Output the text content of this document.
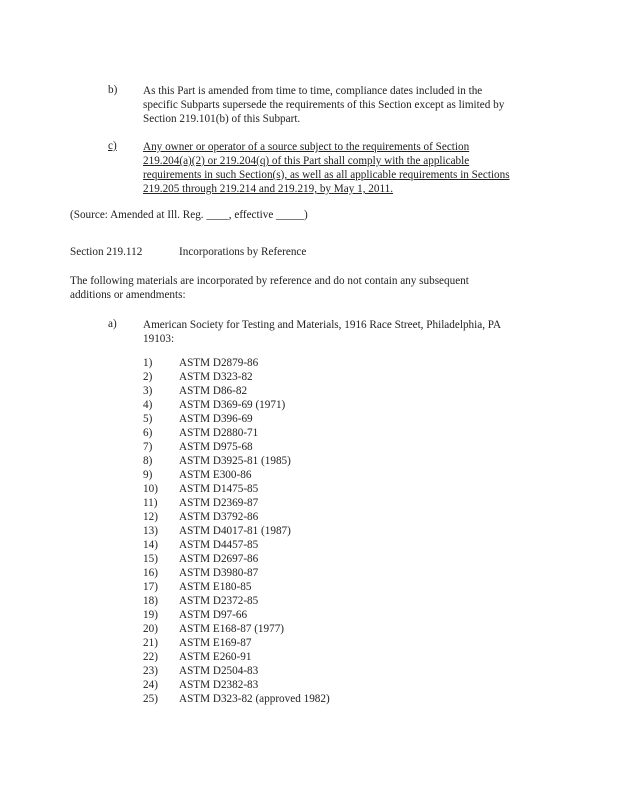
b) As this Part is amended from time to time, compliance dates included in the
specific Subparts supersede the requirements of this Section except as limited by
Section 219.101(b) of this Subpart.
c) Any owner or operator of a source subject to the requirements of Section
219.204(a)(2) or 219.204(q) of this Part shall comply with the applicable
requirements in such Section(s), as well as all applicable requirements in Sections
219.205 through 219.214 and 219.219, by May 1, 2011.
(Source: Amended at Ill. Reg. ____, effective _____)
Section 219.112	Incorporations by Reference
The following materials are incorporated by reference and do not contain any subsequent
additions or amendments:
a) American Society for Testing and Materials, 1916 Race Street, Philadelphia, PA
19103:
1) ASTM D2879-86
2) ASTM D323-82
3) ASTM D86-82
4) ASTM D369-69 (1971)
5) ASTM D396-69
6) ASTM D2880-71
7) ASTM D975-68
8) ASTM D3925-81 (1985)
9) ASTM E300-86
10) ASTM D1475-85
11) ASTM D2369-87
12) ASTM D3792-86
13) ASTM D4017-81 (1987)
14) ASTM D4457-85
15) ASTM D2697-86
16) ASTM D3980-87
17) ASTM E180-85
18) ASTM D2372-85
19) ASTM D97-66
20) ASTM E168-87 (1977)
21) ASTM E169-87
22) ASTM E260-91
23) ASTM D2504-83
24) ASTM D2382-83
25) ASTM D323-82 (approved 1982)
